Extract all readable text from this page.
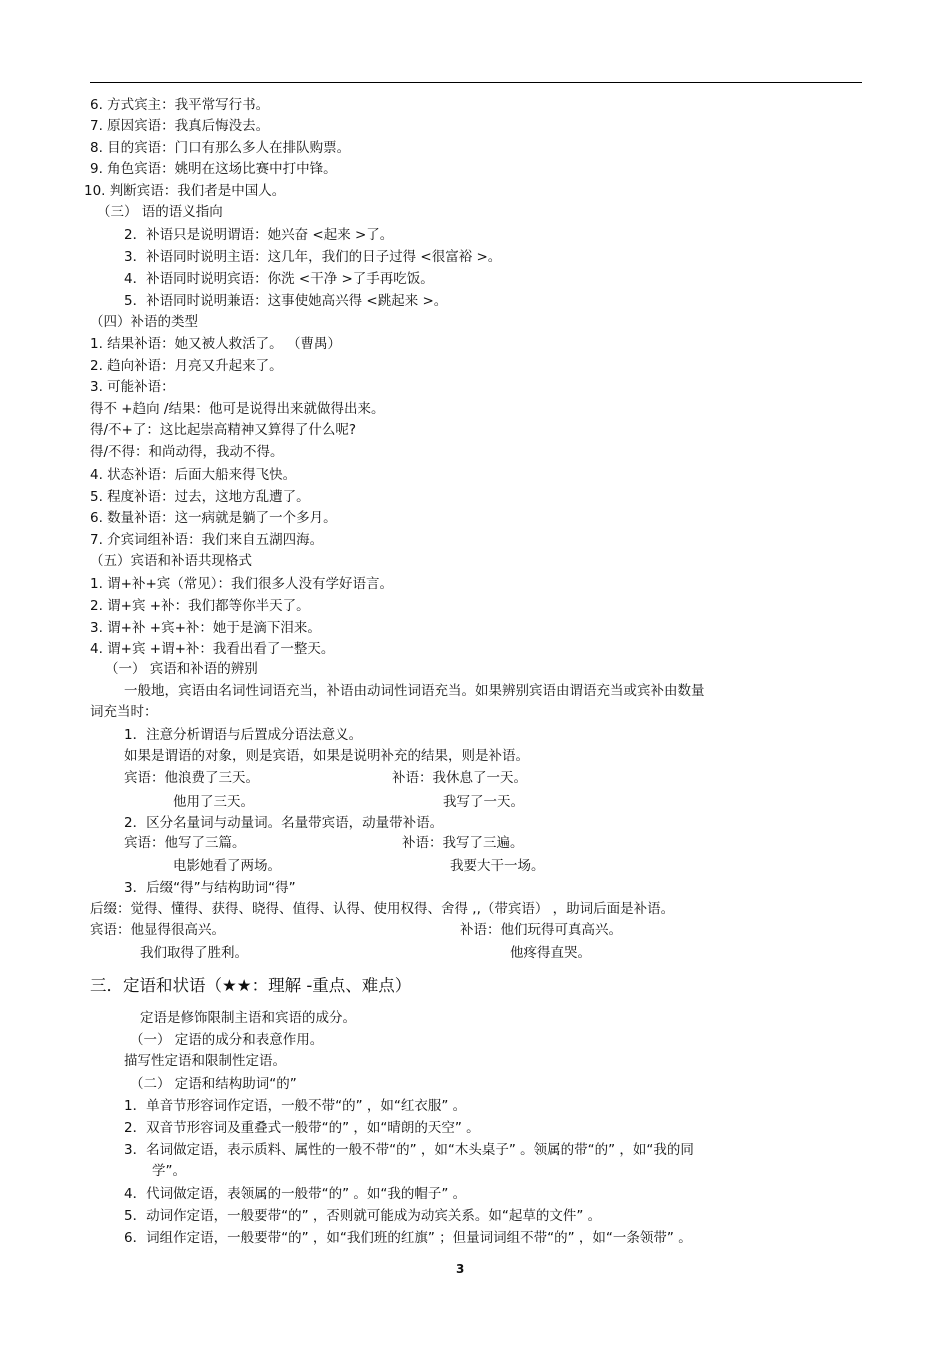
6. 方式宾主：我平常写行书。
7. 原因宾语：我真后悔没去。
8. 目的宾语：门口有那么多人在排队购票。
9. 角色宾语：姚明在这场比赛中打中锋。
10. 判断宾语：我们者是中国人。
（三） 语的语义指向
2．补语只是说明谓语：她兴奋 <起来 >了。
3．补语同时说明主语：这几年，我们的日子过得 <很富裕 >。
4．补语同时说明宾语：你洗 <干净 >了手再吃饭。
5．补语同时说明兼语：这事使她高兴得 <跳起来 >。
（四）补语的类型
1. 结果补语：她又被人救活了。 （曹禺）
2. 趋向补语：月亮又升起来了。
3. 可能补语：
得不 +趋向 /结果：他可是说得出来就做得出来。
得/不+了：这比起崇高精神又算得了什么呢?
得/不得：和尚动得，我动不得。
4. 状态补语：后面大船来得飞快。
5. 程度补语：过去，这地方乱遭了。
6. 数量补语：这一病就是躺了一个多月。
7. 介宾词组补语：我们来自五湖四海。
（五）宾语和补语共现格式
1. 谓+补+宾（常见）：我们很多人没有学好语言。
2. 谓+宾 +补：我们都等你半天了。
3. 谓+补 +宾+补：她于是滴下泪来。
4. 谓+宾 +谓+补：我看出看了一整天。
（一） 宾语和补语的辨别
一般地，宾语由名词性词语充当，补语由动词性词语充当。如果辨别宾语由谓语充当或宾补由数量
词充当时：
1．注意分析谓语与后置成分语法意义。
如果是谓语的对象，则是宾语，如果是说明补充的结果，则是补语。
宾语：他浪费了三天。	补语：我休息了一天。
他用了三天。	我写了一天。
2．区分名量词与动量词。名量带宾语，动量带补语。
宾语：他写了三篇。	补语：我写了三遍。
电影她看了两场。	我要大干一场。
3．后缀“得”与结构助词“得”
后缀：觉得、懂得、获得、晓得、值得、认得、使用权得、舍得 ,,（带宾语） ，助词后面是补语。
宾语：他显得很高兴。	补语：他们玩得可真高兴。
我们取得了胜利。	他疼得直哭。
三．定语和状语（★★：理解 -重点、难点）
定语是修饰限制主语和宾语的成分。
（一） 定语的成分和表意作用。
描写性定语和限制性定语。
（二） 定语和结构助词“的”
1．单音节形容词作定语，一般不带“的” ，如“红衣服” 。
2．双音节形容词及重叠式一般带“的” ，如“晴朗的天空” 。
3．名词做定语，表示质料、属性的一般不带“的” ，如“木头桌子” 。领属的带“的” ，如“我的同
学”。
4．代词做定语，表领属的一般带“的” 。如“我的帽子” 。
5．动词作定语，一般要带“的” ，否则就可能成为动宾关系。如“起草的文件” 。
6．词组作定语，一般要带“的” ，如“我们班的红旗” ；但量词词组不带“的” ，如“一条领带” 。
3
